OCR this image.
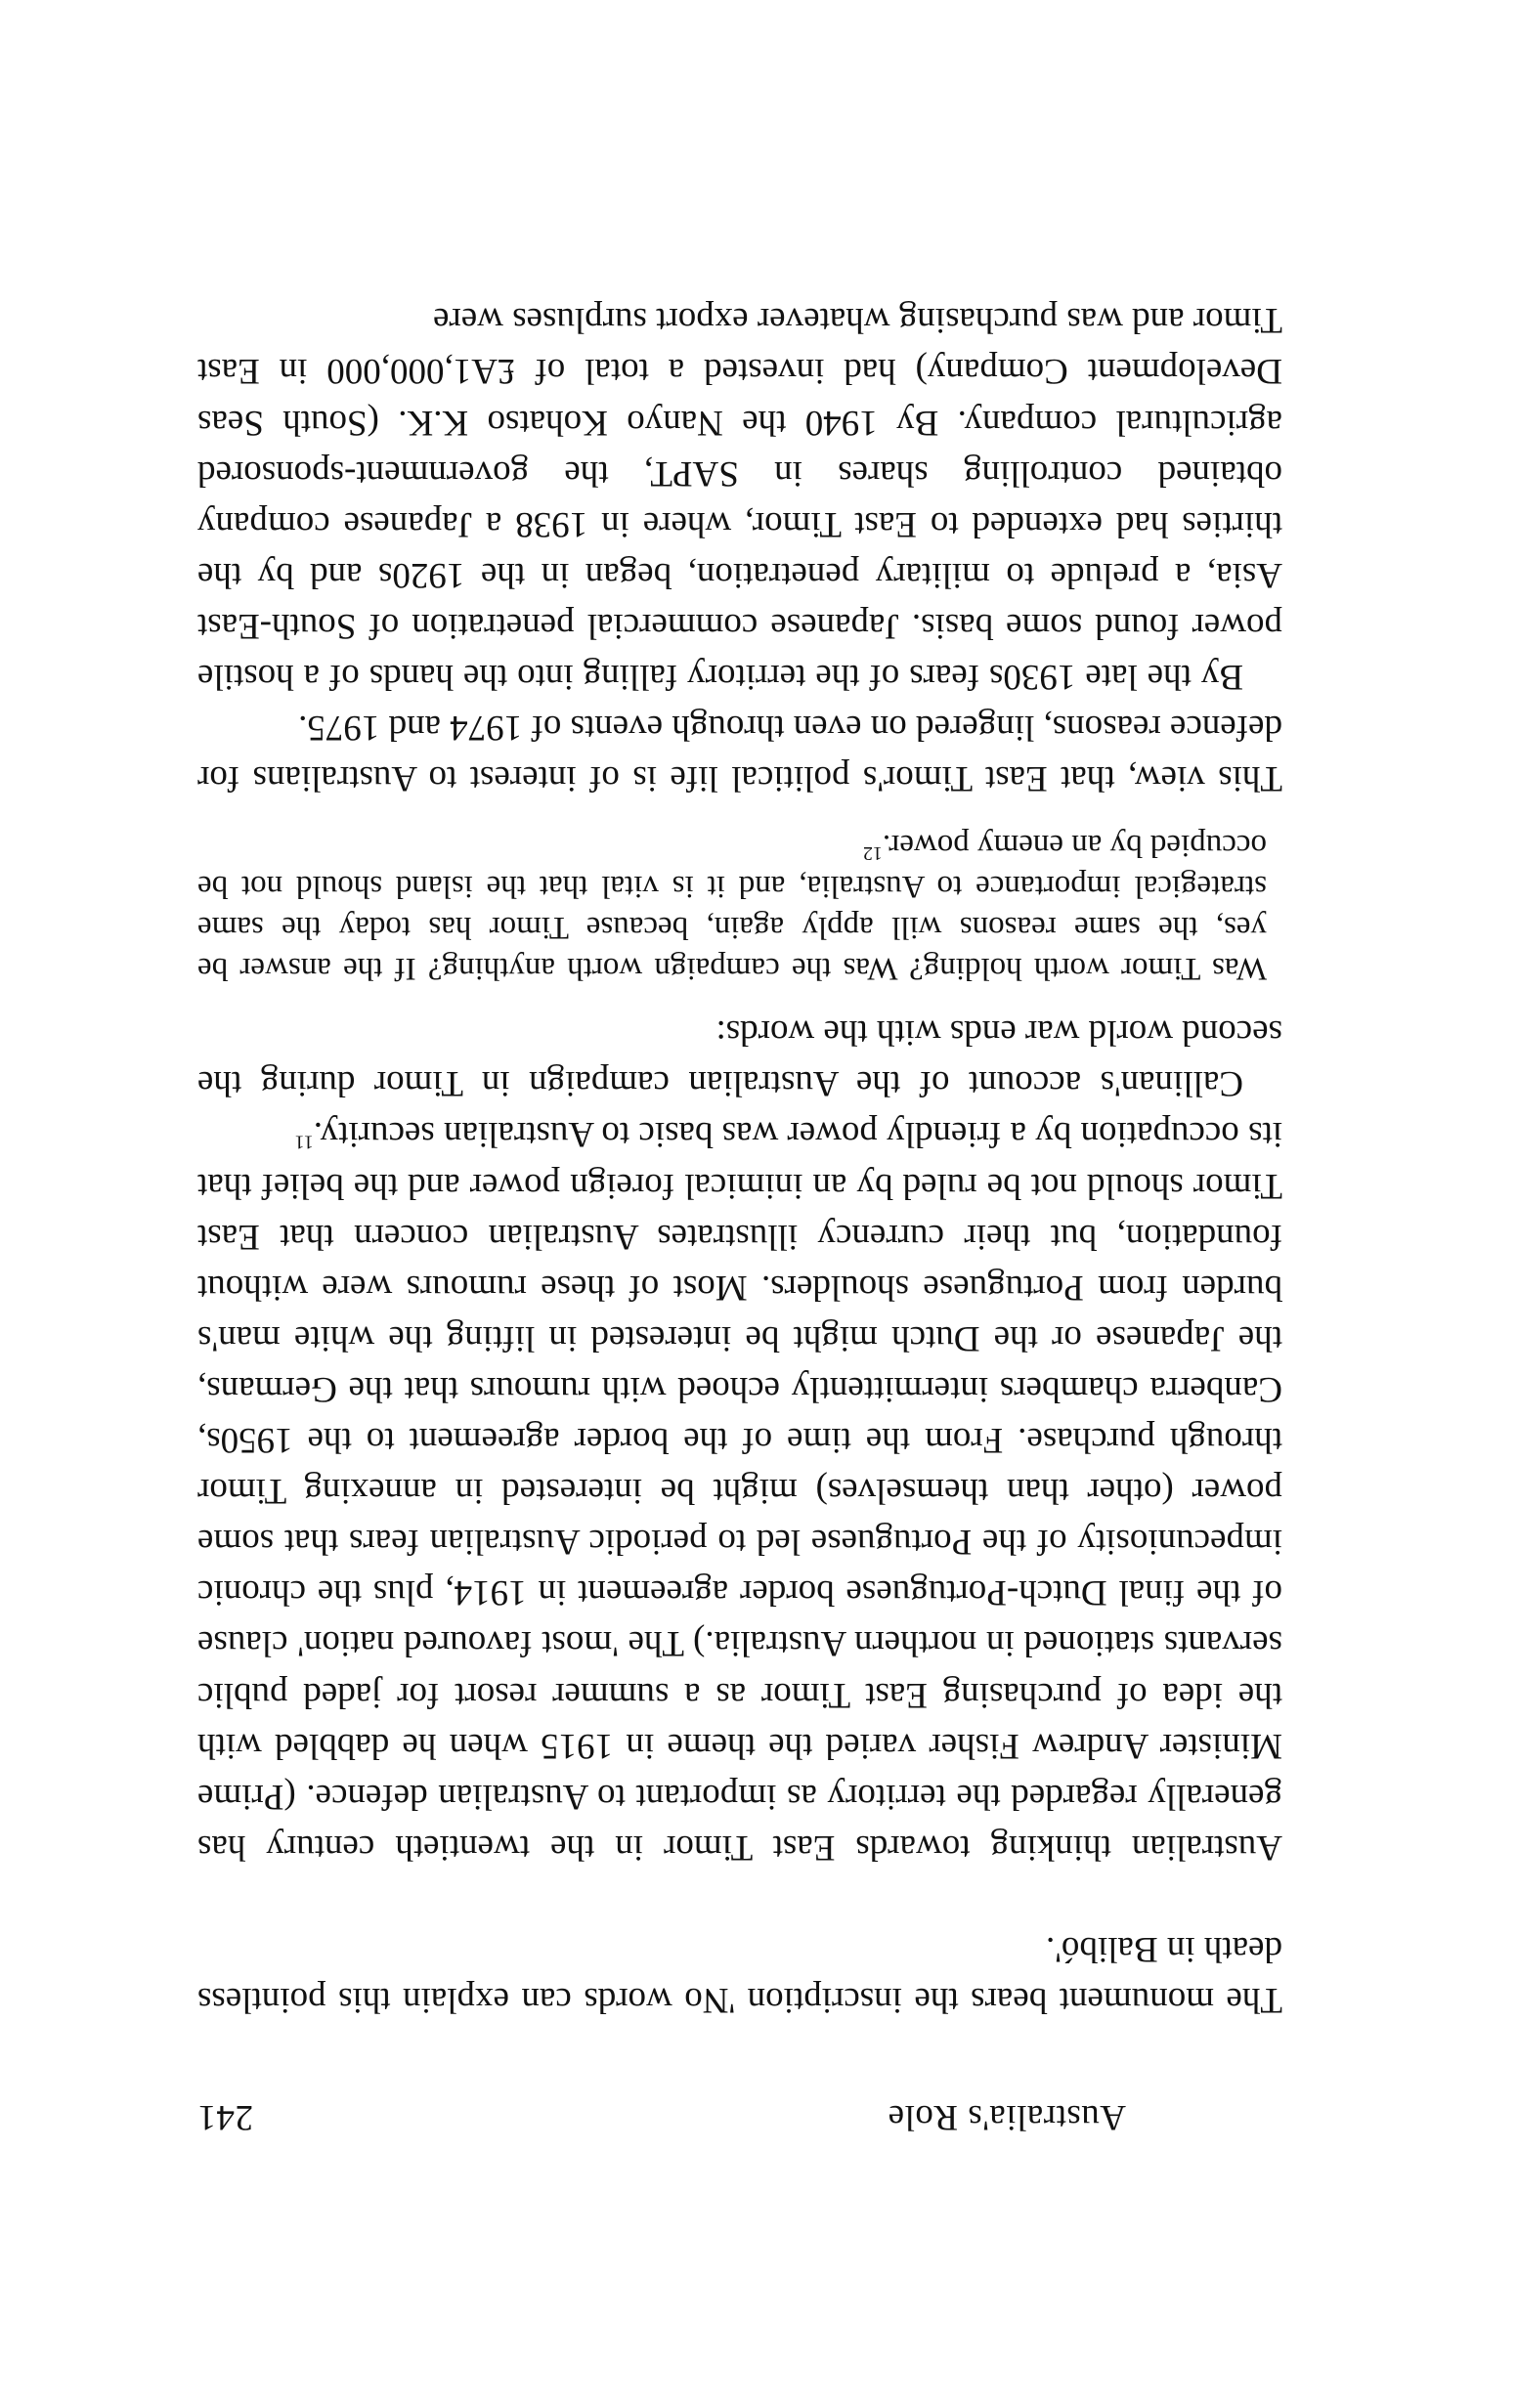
Australia's Role
241

The monument bears the inscription 'No words can explain this pointless death in Balibó'.

Australian thinking towards East Timor in the twentieth century has generally regarded the territory as important to Australian defence. (Prime Minister Andrew Fisher varied the theme in 1915 when he dabbled with the idea of purchasing East Timor as a summer resort for jaded public servants stationed in northern Australia.) The 'most favoured nation' clause of the final Dutch-Portuguese border agreement in 1914, plus the chronic impecuniosity of the Portuguese led to periodic Australian fears that some power (other than themselves) might be interested in annexing Timor through purchase. From the time of the border agreement to the 1950s, Canberra chambers intermittently echoed with rumours that the Germans, the Japanese or the Dutch might be interested in lifting the white man's burden from Portuguese shoulders. Most of these rumours were without foundation, but their currency illustrates Australian concern that East Timor should not be ruled by an inimical foreign power and the belief that its occupation by a friendly power was basic to Australian security.$^{11}$

Callinan's account of the Australian campaign in Timor during the second world war ends with the words:

Was Timor worth holding? Was the campaign worth anything? If the answer be yes, the same reasons will apply again, because Timor has today the same strategical importance to Australia, and it is vital that the island should not be occupied by an enemy power.$^{12}$

This view, that East Timor's political life is of interest to Australians for defence reasons, lingered on even through events of 1974 and 1975.

By the late 1930s fears of the territory falling into the hands of a hostile power found some basis. Japanese commercial penetration of South-East Asia, a prelude to military penetration, began in the 1920s and by the thirties had extended to East Timor, where in 1938 a Japanese company obtained controlling shares in SAPT, the government-sponsored agricultural company. By 1940 the Nanyo Kohatso K.K. (South Seas Development Company) had invested a total of £A1,000,000 in East Timor and was purchasing whatever export surpluses were
